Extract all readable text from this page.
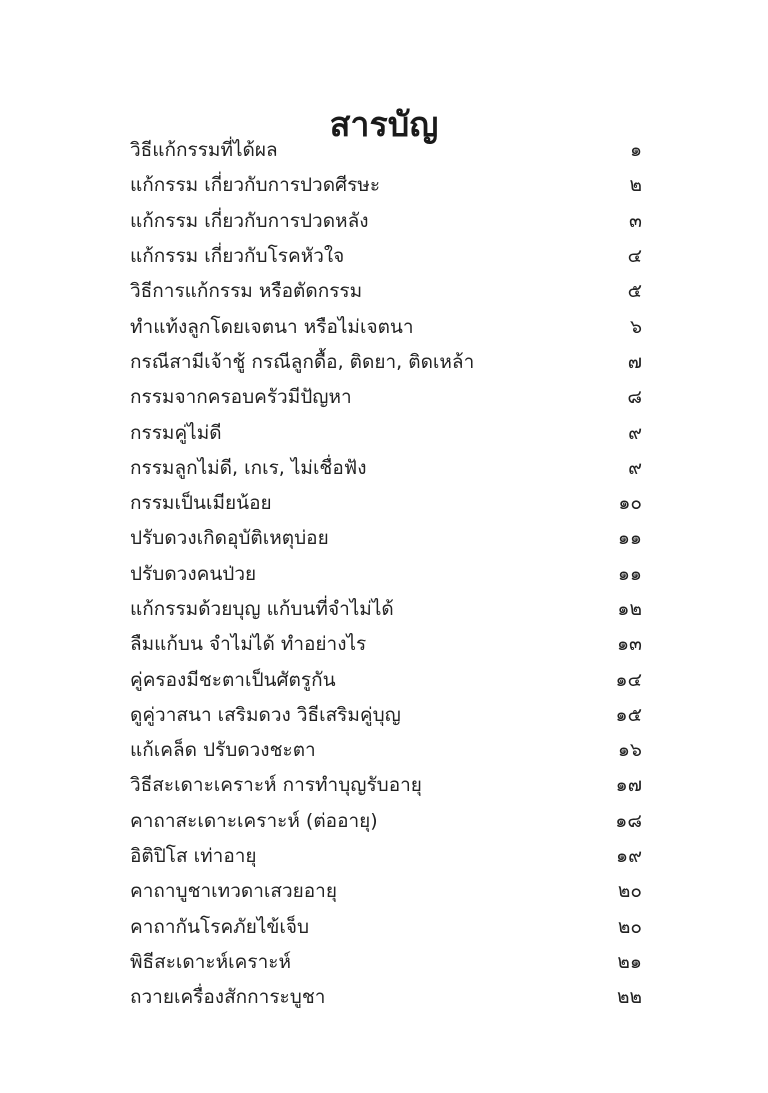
สารบัญ
วิธีแก้กรรมที่ได้ผล	๑
แก้กรรม เกี่ยวกับการปวดศีรษะ	๒
แก้กรรม เกี่ยวกับการปวดหลัง	๓
แก้กรรม เกี่ยวกับโรคหัวใจ	๔
วิธีการแก้กรรม หรือตัดกรรม	๕
ทำแท้งลูกโดยเจตนา หรือไม่เจตนา	๖
กรณีสามีเจ้าชู้ กรณีลูกดื้อ, ติดยา, ติดเหล้า	๗
กรรมจากครอบครัวมีปัญหา	๘
กรรมคู่ไม่ดี	๙
กรรมลูกไม่ดี, เกเร, ไม่เชื่อฟัง	๙
กรรมเป็นเมียน้อย	๑๐
ปรับดวงเกิดอุบัติเหตุบ่อย	๑๑
ปรับดวงคนป่วย	๑๑
แก้กรรมด้วยบุญ แก้บนที่จำไม่ได้	๑๒
ลืมแก้บน จำไม่ได้ ทำอย่างไร	๑๓
คู่ครองมีชะตาเป็นศัตรูกัน	๑๔
ดูคู่วาสนา เสริมดวง วิธีเสริมคู่บุญ	๑๕
แก้เคล็ด ปรับดวงชะตา	๑๖
วิธีสะเดาะเคราะห์ การทำบุญรับอายุ	๑๗
คาถาสะเดาะเคราะห์ (ต่ออายุ)	๑๘
อิติปิโส เท่าอายุ	๑๙
คาถาบูชาเทวดาเสวยอายุ	๒๐
คาถากันโรคภัยไข้เจ็บ	๒๐
พิธีสะเดาะห์เคราะห์	๒๑
ถวายเครื่องสักการะบูชา	๒๒
